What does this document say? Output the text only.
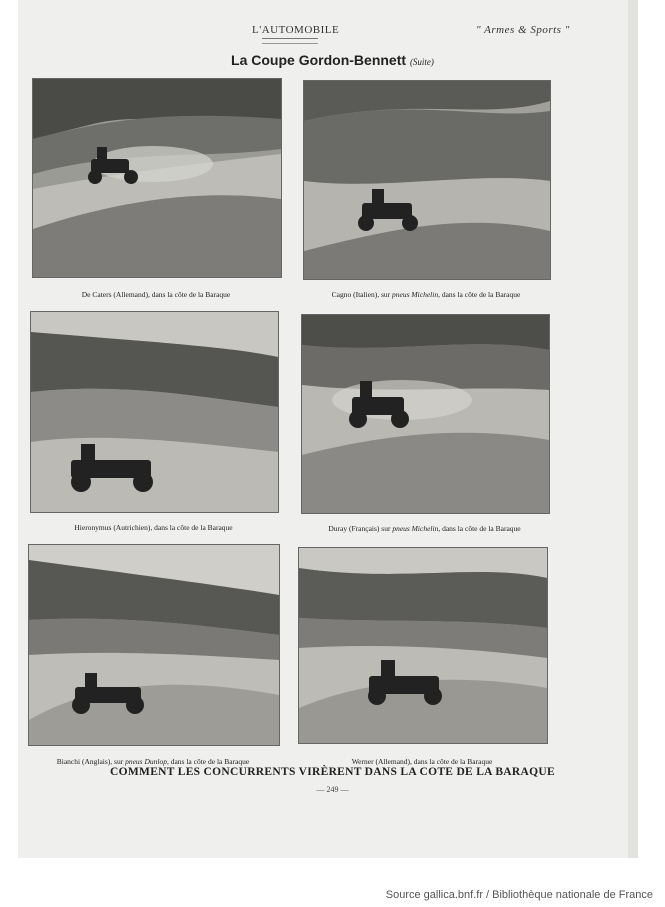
L'AUTOMOBILE	" Armes & Sports "
La Coupe Gordon-Bennett (Suite)
De Caters (Allemand), dans la côte de la Baraque	Cagno (Italien), sur pneus Michelin, dans la côte de la Baraque
Hieronymus (Autrichien), dans la côte de la Baraque	Duray (Français) sur pneus Michelin, dans la côte de la Baraque
Bianchi (Anglais), sur pneus Dunlop, dans la côte de la Baraque	Werner (Allemand), dans la côte de la Baraque
COMMENT LES CONCURRENTS VIRÈRENT DANS LA COTE DE LA BARAQUE
— 249 —
Source gallica.bnf.fr / Bibliothèque nationale de France
